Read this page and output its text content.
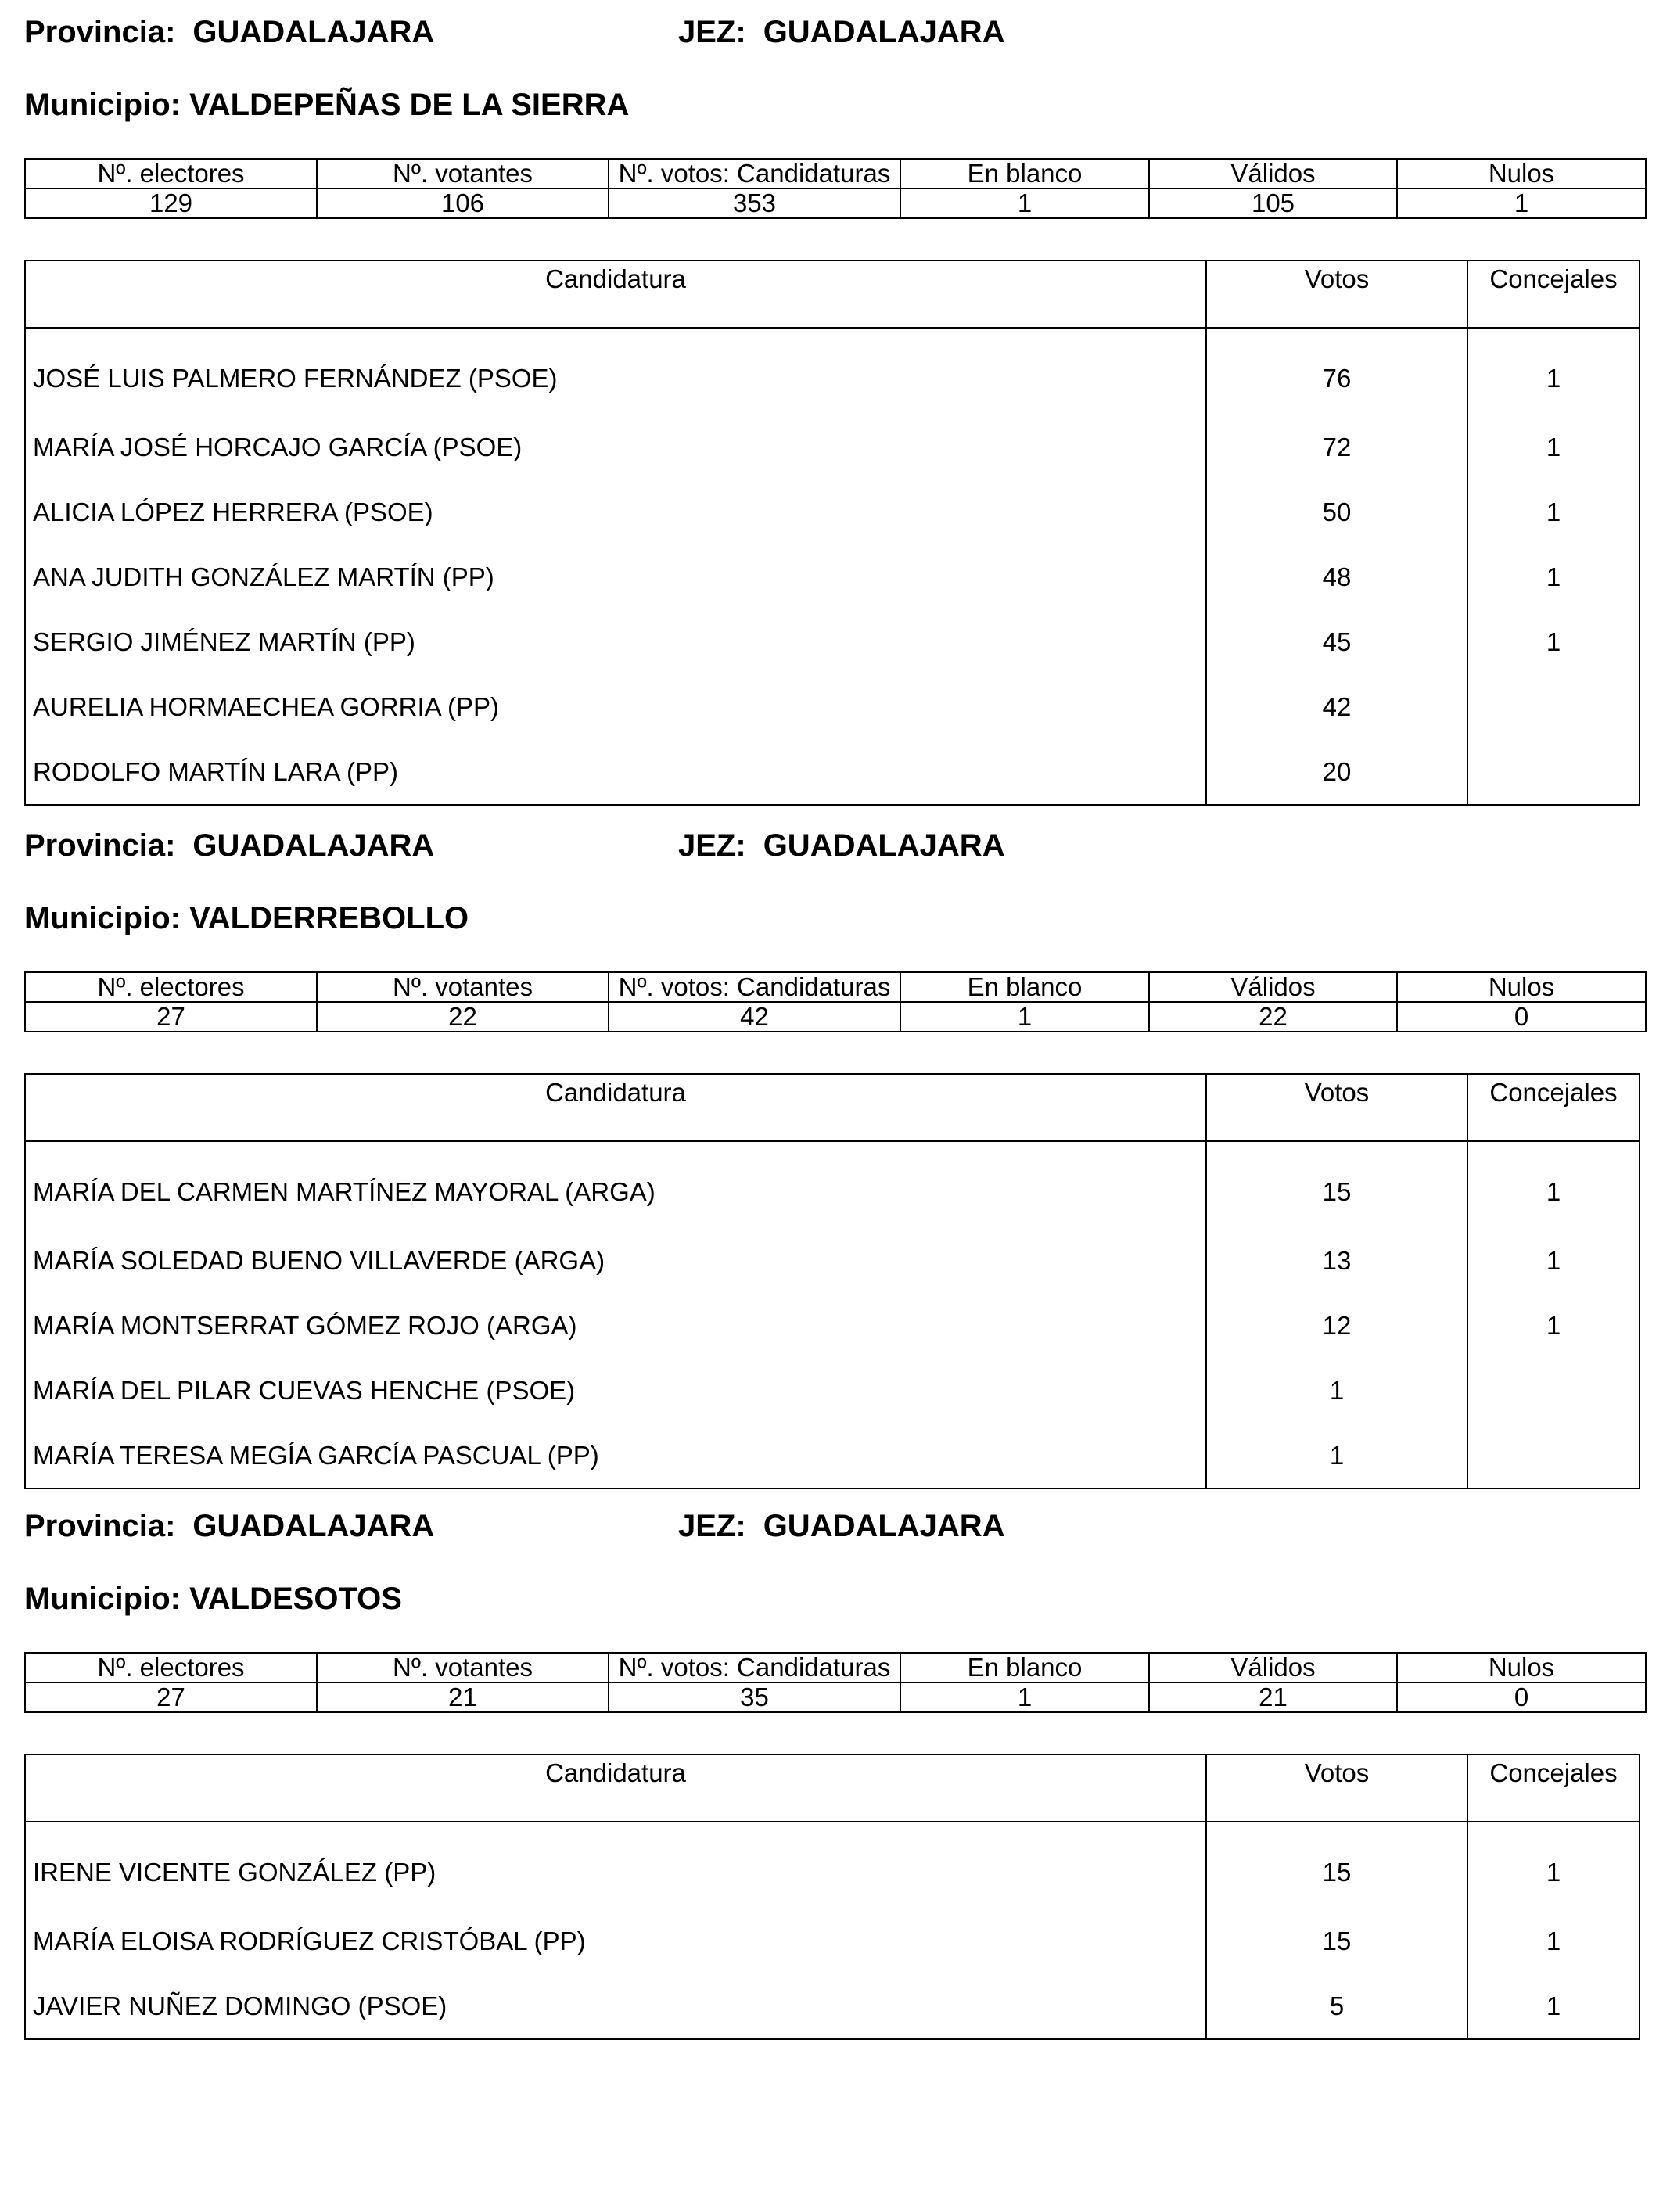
Provincia: GUADALAJARA	JEZ: GUADALAJARA
Municipio: VALDEPEÑAS DE LA SIERRA
Nº. electores	Nº. votantes	Nº. votos: Candidaturas	En blanco	Válidos	Nulos
129	106	353	1	105	1
Candidatura	Votos	Concejales
JOSÉ LUIS PALMERO FERNÁNDEZ (PSOE)	76	1
MARÍA JOSÉ HORCAJO GARCÍA (PSOE)	72	1
ALICIA LÓPEZ HERRERA (PSOE)	50	1
ANA JUDITH GONZÁLEZ MARTÍN (PP)	48	1
SERGIO JIMÉNEZ MARTÍN (PP)	45	1
AURELIA HORMAECHEA GORRIA (PP)	42	
RODOLFO MARTÍN LARA (PP)	20	
Provincia: GUADALAJARA	JEZ: GUADALAJARA
Municipio: VALDERREBOLLO
Nº. electores	Nº. votantes	Nº. votos: Candidaturas	En blanco	Válidos	Nulos
27	22	42	1	22	0
Candidatura	Votos	Concejales
MARÍA DEL CARMEN MARTÍNEZ MAYORAL (ARGA)	15	1
MARÍA SOLEDAD BUENO VILLAVERDE (ARGA)	13	1
MARÍA MONTSERRAT GÓMEZ ROJO (ARGA)	12	1
MARÍA DEL PILAR CUEVAS HENCHE (PSOE)	1	
MARÍA TERESA MEGÍA GARCÍA PASCUAL (PP)	1	
Provincia: GUADALAJARA	JEZ: GUADALAJARA
Municipio: VALDESOTOS
Nº. electores	Nº. votantes	Nº. votos: Candidaturas	En blanco	Válidos	Nulos
27	21	35	1	21	0
Candidatura	Votos	Concejales
IRENE VICENTE GONZÁLEZ (PP)	15	1
MARÍA ELOISA RODRÍGUEZ CRISTÓBAL (PP)	15	1
JAVIER NUÑEZ DOMINGO (PSOE)	5	1
